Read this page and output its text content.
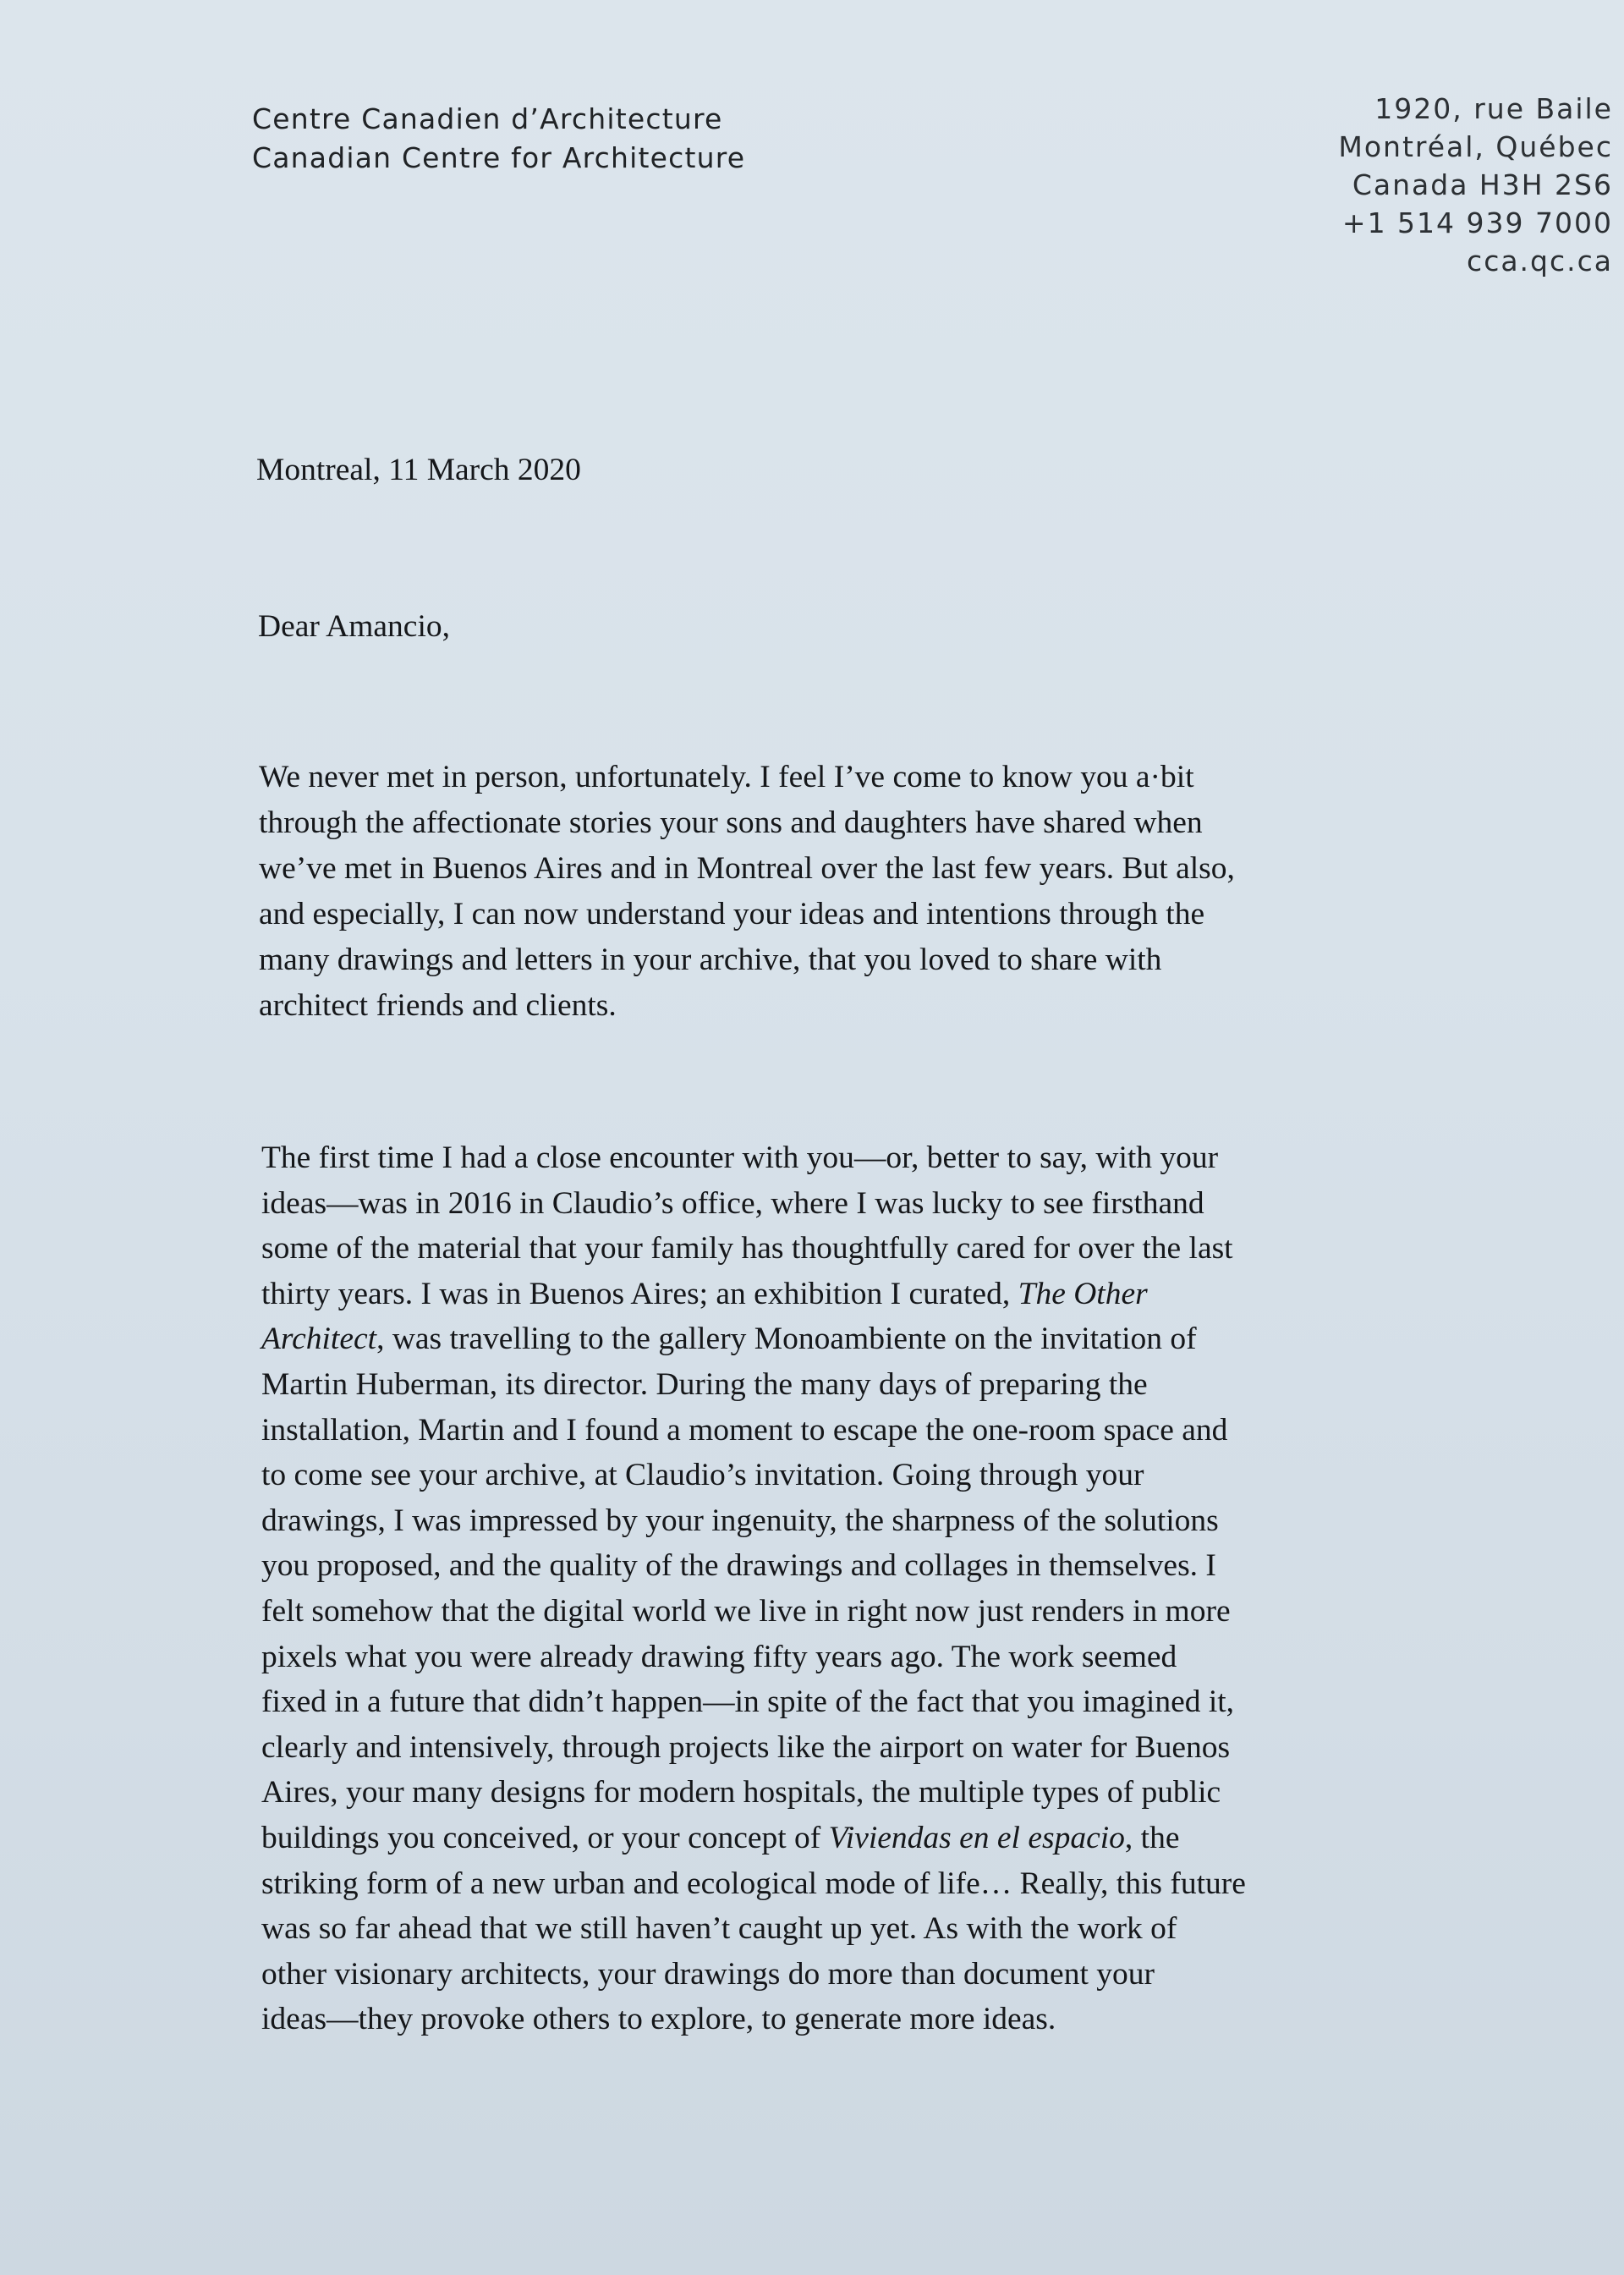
Centre Canadien d’Architecture
Canadian Centre for Architecture
1920, rue Baile
Montréal, Québec
Canada H3H 2S6
+1 514 939 7000
cca.qc.ca
Montreal, 11 March 2020
Dear Amancio,
We never met in person, unfortunately. I feel I’ve come to know you a·bit
through the affectionate stories your sons and daughters have shared when
we’ve met in Buenos Aires and in Montreal over the last few years. But also,
and especially, I can now understand your ideas and intentions through the
many drawings and letters in your archive, that you loved to share with
architect friends and clients.
The first time I had a close encounter with you—or, better to say, with your
ideas—was in 2016 in Claudio’s office, where I was lucky to see firsthand
some of the material that your family has thoughtfully cared for over the last
thirty years. I was in Buenos Aires; an exhibition I curated, The Other
Architect, was travelling to the gallery Monoambiente on the invitation of
Martin Huberman, its director. During the many days of preparing the
installation, Martin and I found a moment to escape the one-room space and
to come see your archive, at Claudio’s invitation. Going through your
drawings, I was impressed by your ingenuity, the sharpness of the solutions
you proposed, and the quality of the drawings and collages in themselves. I
felt somehow that the digital world we live in right now just renders in more
pixels what you were already drawing fifty years ago. The work seemed
fixed in a future that didn’t happen—in spite of the fact that you imagined it,
clearly and intensively, through projects like the airport on water for Buenos
Aires, your many designs for modern hospitals, the multiple types of public
buildings you conceived, or your concept of Viviendas en el espacio, the
striking form of a new urban and ecological mode of life… Really, this future
was so far ahead that we still haven’t caught up yet. As with the work of
other visionary architects, your drawings do more than document your
ideas—they provoke others to explore, to generate more ideas.
